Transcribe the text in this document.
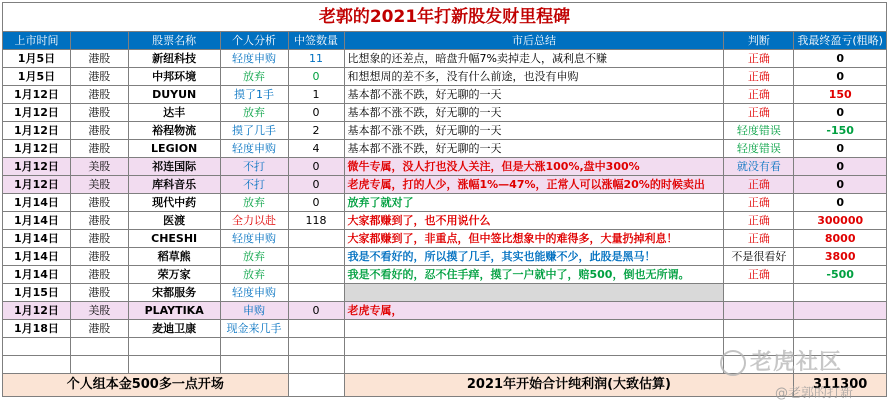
老郭的2021年打新股发财里程碑							
上市时间		股票名称	个人分析	中签数量	市后总结	判断	我最终盈亏(粗略)
1月5日	港股	新纽科技	轻度申购	11	比想象的还差点，暗盘升幅7%卖掉走人，减利息不赚	正确	0
1月5日	港股	中邦环境	放弃	0	和想想周的差不多，没有什么前途，也没有申购	正确	0
1月12日	港股	DUYUN	摸了1手	1	基本都不涨不跌，好无聊的一天	正确	150
1月12日	港股	达丰	放弃	0	基本都不涨不跌，好无聊的一天	正确	0
1月12日	港股	裕程物流	摸了几手	2	基本都不涨不跌，好无聊的一天	轻度错误	-150
1月12日	港股	LEGION	轻度申购	4	基本都不涨不跌，好无聊的一天	轻度错误	0
1月12日	美股	祁连国际	不打	0	微牛专属，没人打也没人关注，但是大涨100%,盘中300%	就没有看	0
1月12日	美股	库科音乐	不打	0	老虎专属，打的人少，涨幅1%—47%，正常人可以涨幅20%的时候卖出	正确	0
1月14日	港股	现代中药	放弃	0	放弃了就对了	正确	0
1月14日	港股	医渡	全力以赴	118	大家都赚到了，也不用说什么	正确	300000
1月14日	港股	CHESHI	轻度申购		大家都赚到了，非重点，但中签比想象中的难得多，大量扔掉利息！	正确	8000
1月14日	港股	稻草熊	放弃		我是不看好的，所以摸了几手，其实也能赚不少，此股是黑马！	不是很看好	3800
1月14日	港股	荣万家	放弃		我是不看好的，忍不住手痒，摸了一户就中了，赔500，倒也无所谓。	正确	-500
1月15日	港股	宋都服务	轻度申购				
1月12日	美股	PLAYTIKA	申购	0	老虎专属，		
1月18日	港股	麦迪卫康	现金来几手				

个人组本金500多一点开场					2021年开始合计纯利润(大致估算)		311300
老虎社区
@老郭的打新
